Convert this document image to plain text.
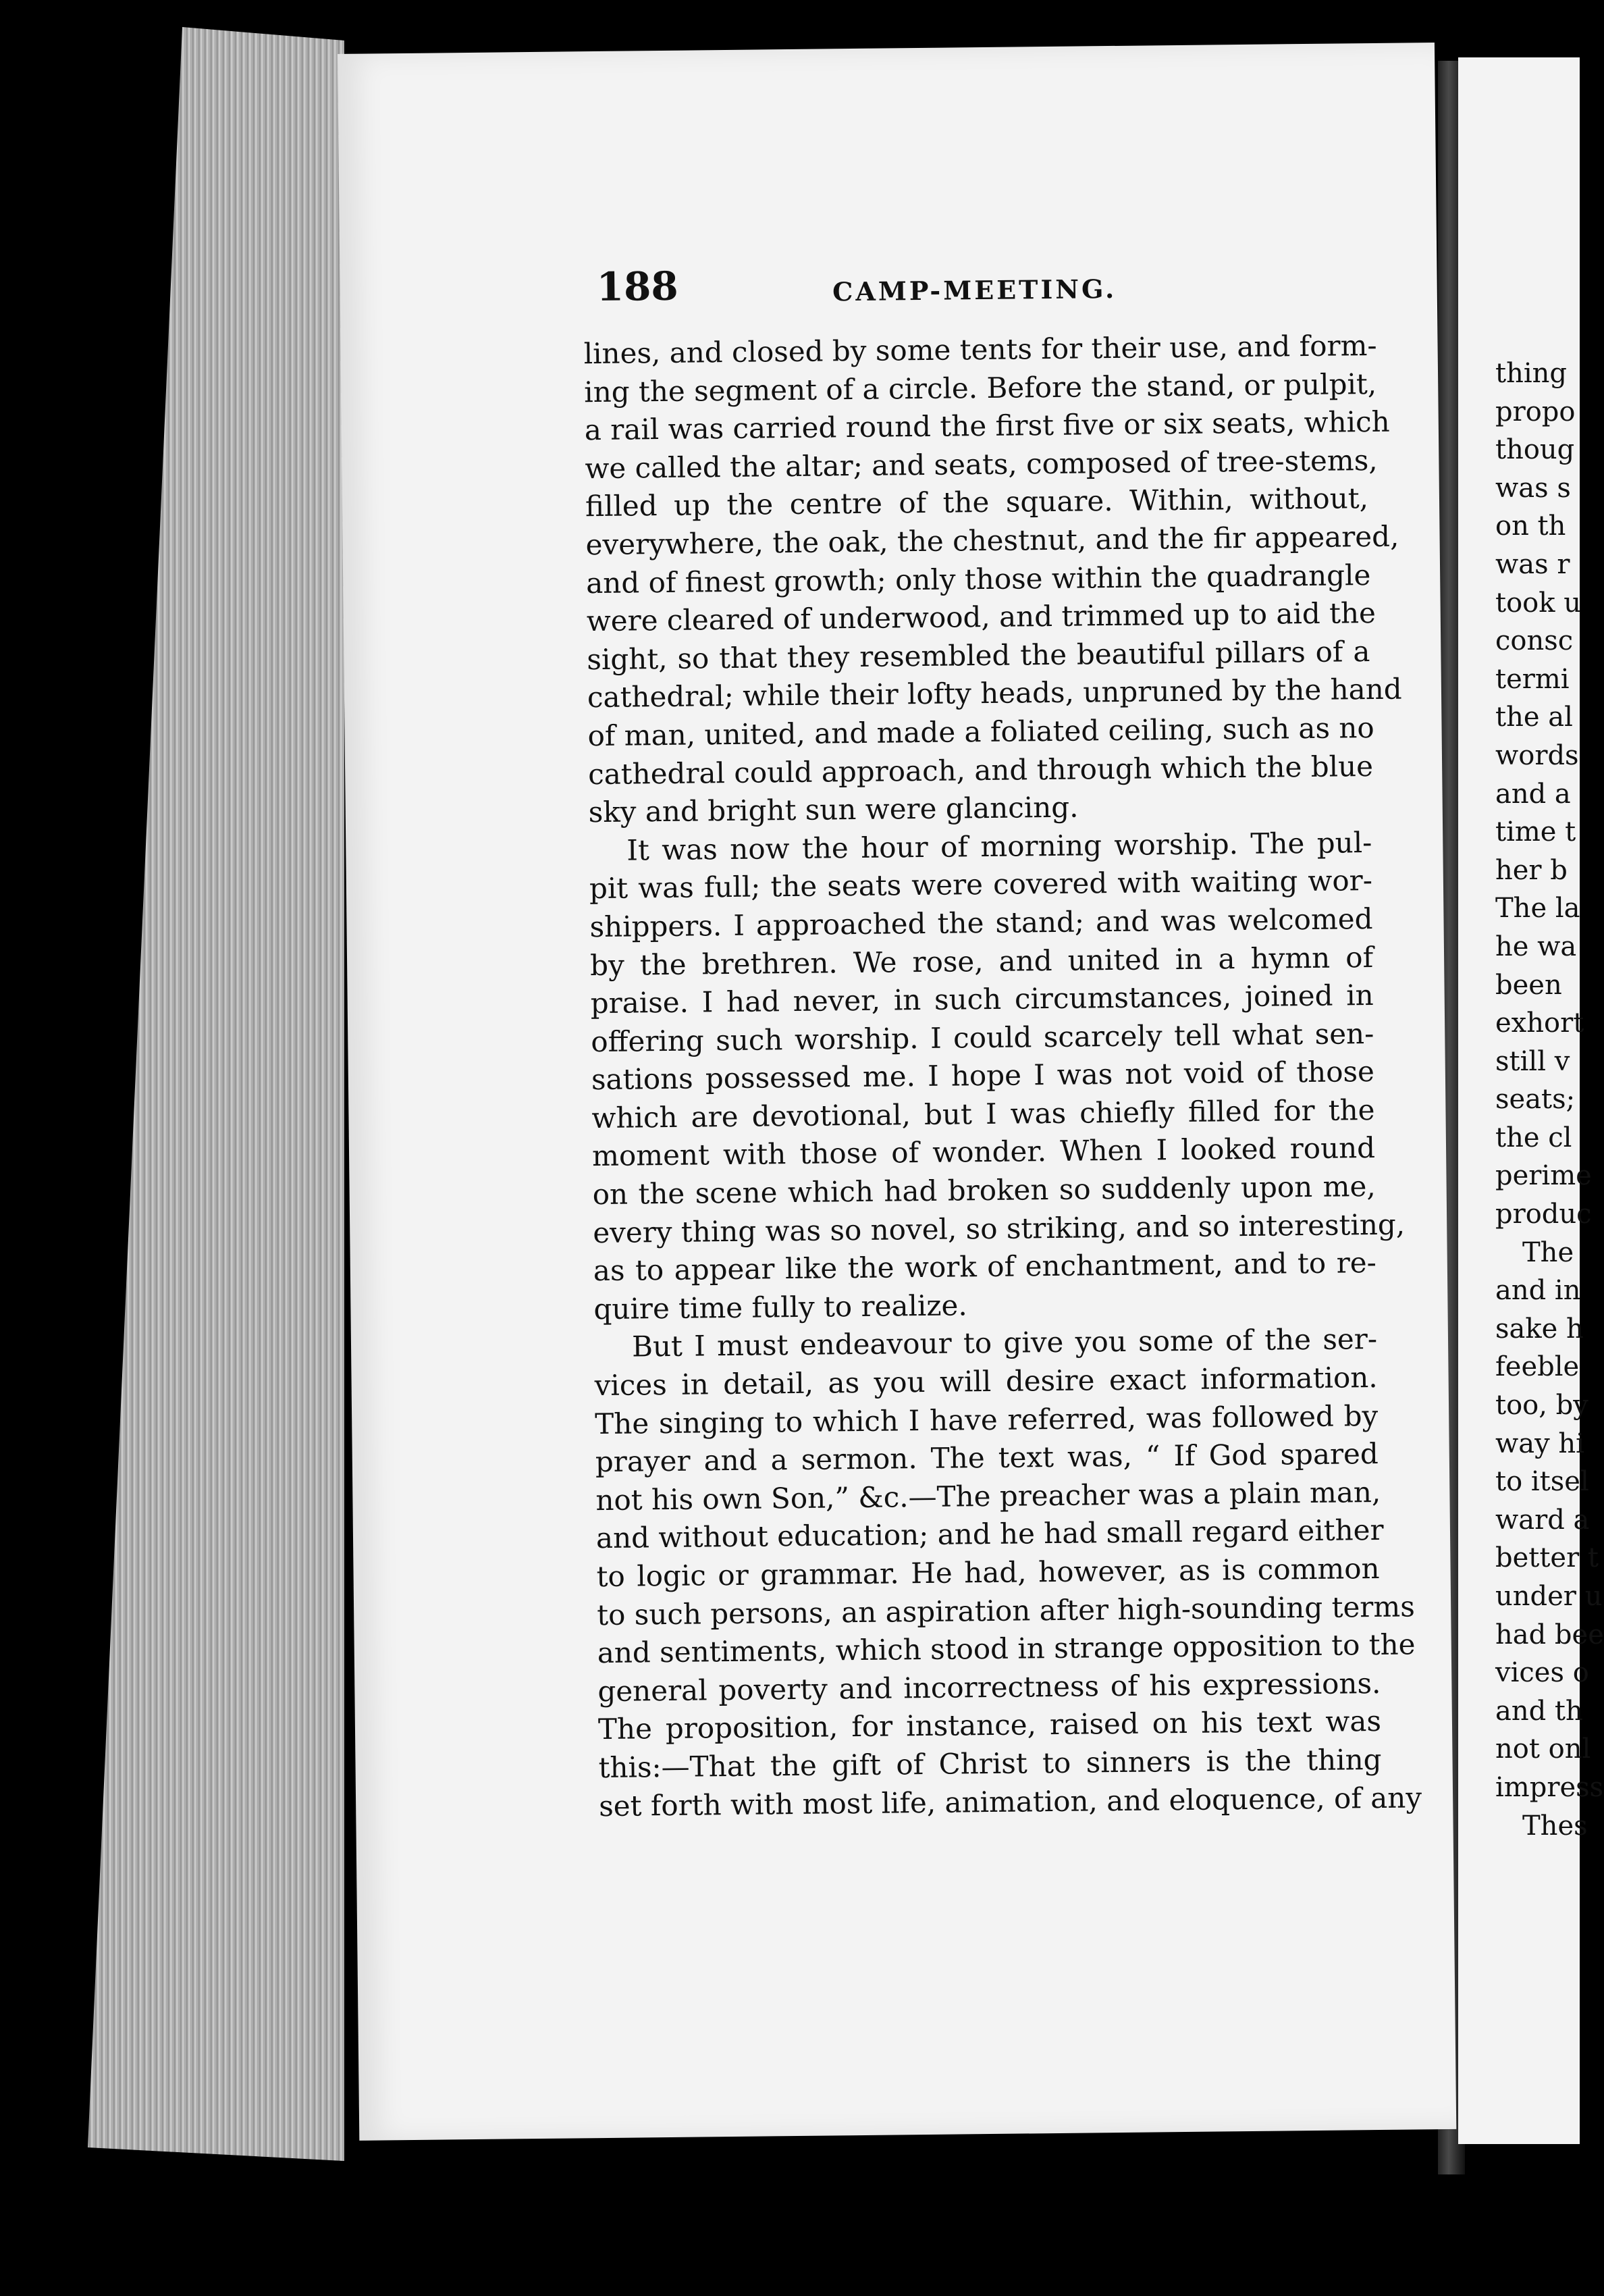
thing
propo
thoug
was s
on th
was r
took u
consc
termi
the al
words
and a
time t
her b
The la
he wa
been
exhort
still v
seats;
the cl
perime
produc
The
and in
sake h
feeble
too, by
way hi
to itsel
ward a
better t
under u
had bee
vices o
and th
not onl
impress
Thes
188	CAMP-MEETING.
lines, and closed by some tents for their use, and form-
ing the segment of a circle. Before the stand, or pulpit,
a rail was carried round the first five or six seats, which
we called the altar; and seats, composed of tree-stems,
filled up the centre of the square. Within, without,
everywhere, the oak, the chestnut, and the fir appeared,
and of finest growth; only those within the quadrangle
were cleared of underwood, and trimmed up to aid the
sight, so that they resembled the beautiful pillars of a
cathedral; while their lofty heads, unpruned by the hand
of man, united, and made a foliated ceiling, such as no
cathedral could approach, and through which the blue
sky and bright sun were glancing.
It was now the hour of morning worship. The pul-
pit was full; the seats were covered with waiting wor-
shippers. I approached the stand; and was welcomed
by the brethren. We rose, and united in a hymn of
praise. I had never, in such circumstances, joined in
offering such worship. I could scarcely tell what sen-
sations possessed me. I hope I was not void of those
which are devotional, but I was chiefly filled for the
moment with those of wonder. When I looked round
on the scene which had broken so suddenly upon me,
every thing was so novel, so striking, and so interesting,
as to appear like the work of enchantment, and to re-
quire time fully to realize.
But I must endeavour to give you some of the ser-
vices in detail, as you will desire exact information.
The singing to which I have referred, was followed by
prayer and a sermon. The text was, “ If God spared
not his own Son,” &c.—The preacher was a plain man,
and without education; and he had small regard either
to logic or grammar. He had, however, as is common
to such persons, an aspiration after high-sounding terms
and sentiments, which stood in strange opposition to the
general poverty and incorrectness of his expressions.
The proposition, for instance, raised on his text was
this:—That the gift of Christ to sinners is the thing
set forth with most life, animation, and eloquence, of any
